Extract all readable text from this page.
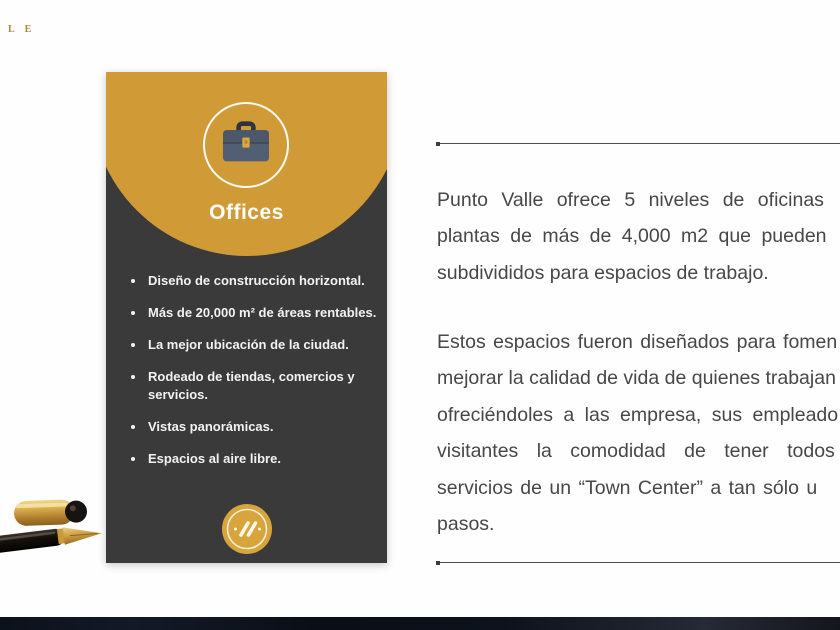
L E
Offices
• Diseño de construcción horizontal.
• Más de 20,000 m² de áreas rentables.
• La mejor ubicación de la ciudad.
• Rodeado de tiendas, comercios y servicios.
• Vistas panorámicas.
• Espacios al aire libre.
Punto Valle ofrece 5 niveles de oficinas
plantas de más de 4,000 m2 que pueden
subdivididos para espacios de trabajo.
Estos espacios fueron diseñados para fomen
mejorar la calidad de vida de quienes trabajan
ofreciéndoles a las empresa, sus empleado
visitantes la comodidad de tener todos
servicios de un “Town Center” a tan sólo u
pasos.
